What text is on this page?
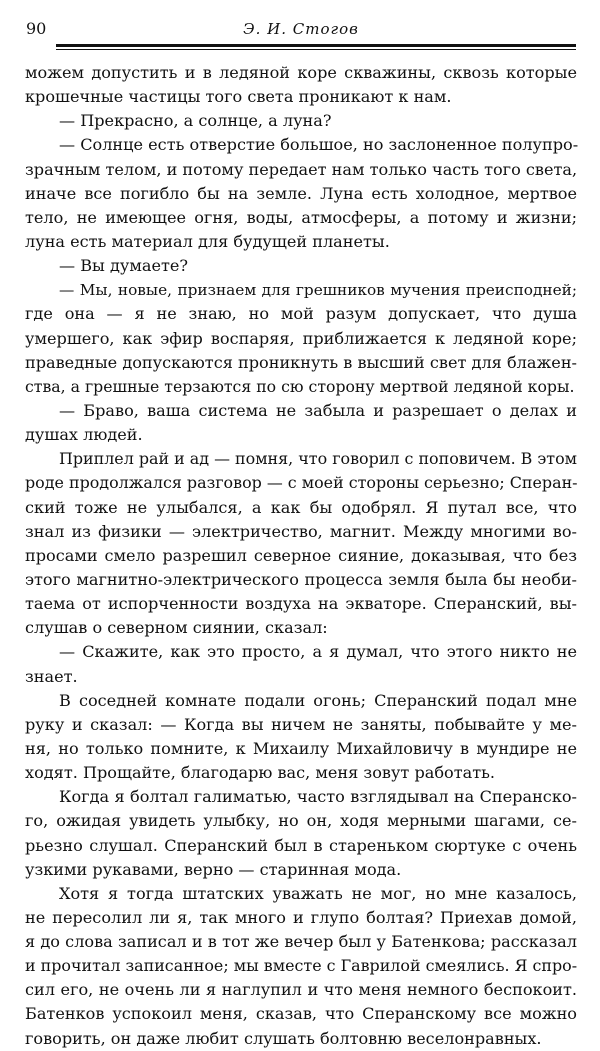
90	Э. И. Стогов
можем допустить и в ледяной коре скважины, сквозь которые
крошечные частицы того света проникают к нам.
— Прекрасно, а солнце, а луна?
— Солнце есть отверстие большое, но заслоненное полупро-
зрачным телом, и потому передает нам только часть того света,
иначе все погибло бы на земле. Луна есть холодное, мертвое
тело, не имеющее огня, воды, атмосферы, а потому и жизни;
луна есть материал для будущей планеты.
— Вы думаете?
— Мы, новые, признаем для грешников мучения преисподней;
где она — я не знаю, но мой разум допускает, что душа
умершего, как эфир воспаряя, приближается к ледяной коре;
праведные допускаются проникнуть в высший свет для блажен-
ства, а грешные терзаются по сю сторону мертвой ледяной коры.
— Браво, ваша система не забыла и разрешает о делах и
душах людей.
Приплел рай и ад — помня, что говорил с поповичем. В этом
роде продолжался разговор — с моей стороны серьезно; Сперан-
ский тоже не улыбался, а как бы одобрял. Я путал все, что
знал из физики — электричество, магнит. Между многими во-
просами смело разрешил северное сияние, доказывая, что без
этого магнитно-электрического процесса земля была бы необи-
таема от испорченности воздуха на экваторе. Сперанский, вы-
слушав о северном сиянии, сказал:
— Скажите, как это просто, а я думал, что этого никто не
знает.
В соседней комнате подали огонь; Сперанский подал мне
руку и сказал: — Когда вы ничем не заняты, побывайте у ме-
ня, но только помните, к Михаилу Михайловичу в мундире не
ходят. Прощайте, благодарю вас, меня зовут работать.
Когда я болтал галиматью, часто взглядывал на Сперанско-
го, ожидая увидеть улыбку, но он, ходя мерными шагами, се-
рьезно слушал. Сперанский был в старенькoм сюртуке с очень
узкими рукавами, верно — старинная мода.
Хотя я тогда штатских уважать не мог, но мне казалось,
не пересолил ли я, так много и глупо болтая? Приехав домой,
я до слова записал и в тот же вечер был у Батенкова; рассказал
и прочитал записанное; мы вместе с Гаврилой смеялись. Я спро-
сил его, не очень ли я наглупил и что меня немного беспокоит.
Батенков успокоил меня, сказав, что Сперанскому все можно
говорить, он даже любит слушать болтовню веселонравных.
